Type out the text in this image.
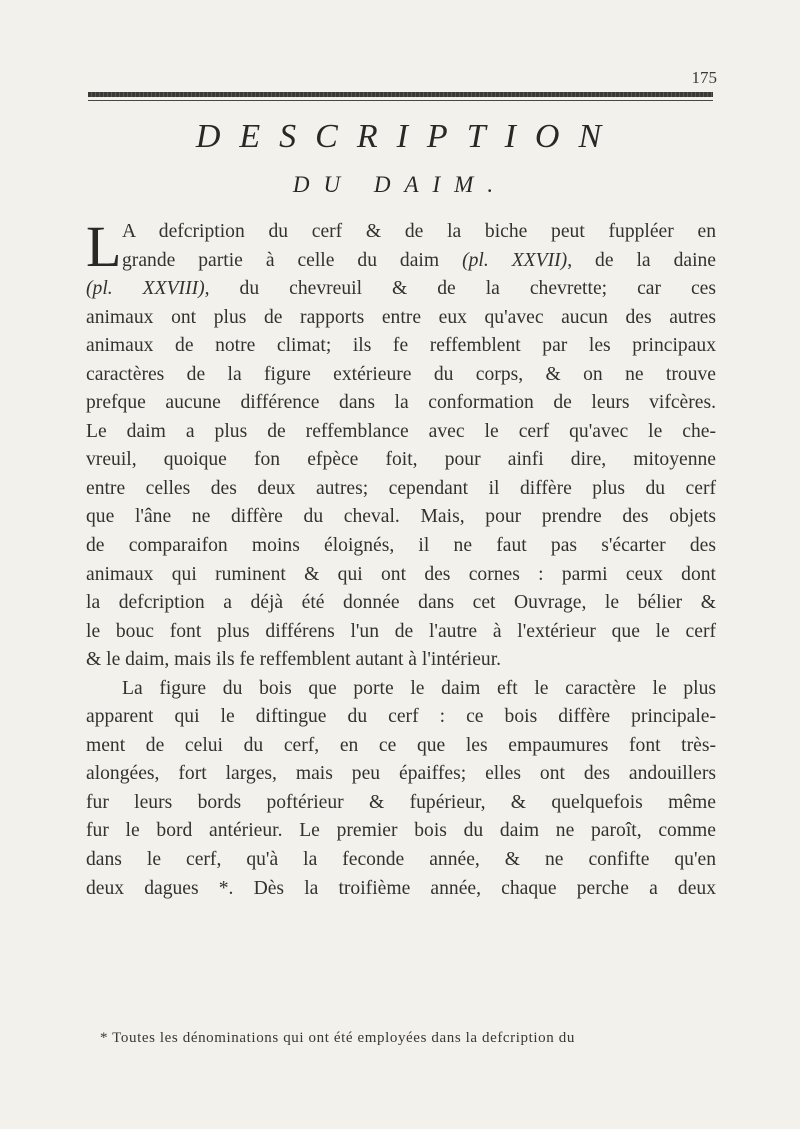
175
DESCRIPTION
DU DAIM.
L A defcription du cerf & de la biche peut fuppléer en
grande partie à celle du daim (pl. XXVII), de la daine
(pl. XXVIII), du chevreuil & de la chevrette; car ces
animaux ont plus de rapports entre eux qu'avec aucun des autres
animaux de notre climat; ils fe reffemblent par les principaux
caractères de la figure extérieure du corps, & on ne trouve
prefque aucune différence dans la conformation de leurs vifcères.
Le daim a plus de reffemblance avec le cerf qu'avec le che-
vreuil, quoique fon efpèce foit, pour ainfi dire, mitoyenne
entre celles des deux autres; cependant il diffère plus du cerf
que l'âne ne diffère du cheval. Mais, pour prendre des objets
de comparaifon moins éloignés, il ne faut pas s'écarter des
animaux qui ruminent & qui ont des cornes : parmi ceux dont
la defcription a déjà été donnée dans cet Ouvrage, le bélier &
le bouc font plus différens l'un de l'autre à l'extérieur que le cerf
& le daim, mais ils fe reffemblent autant à l'intérieur.
La figure du bois que porte le daim eft le caractère le plus
apparent qui le diftingue du cerf : ce bois diffère principale-
ment de celui du cerf, en ce que les empaumures font très-
alongées, fort larges, mais peu épaiffes; elles ont des andouillers
fur leurs bords poftérieur & fupérieur, & quelquefois même
fur le bord antérieur. Le premier bois du daim ne paroît, comme
dans le cerf, qu'à la feconde année, & ne confifte qu'en
deux dagues *. Dès la troifième année, chaque perche a deux
* Toutes les dénominations qui ont été employées dans la defcription du
